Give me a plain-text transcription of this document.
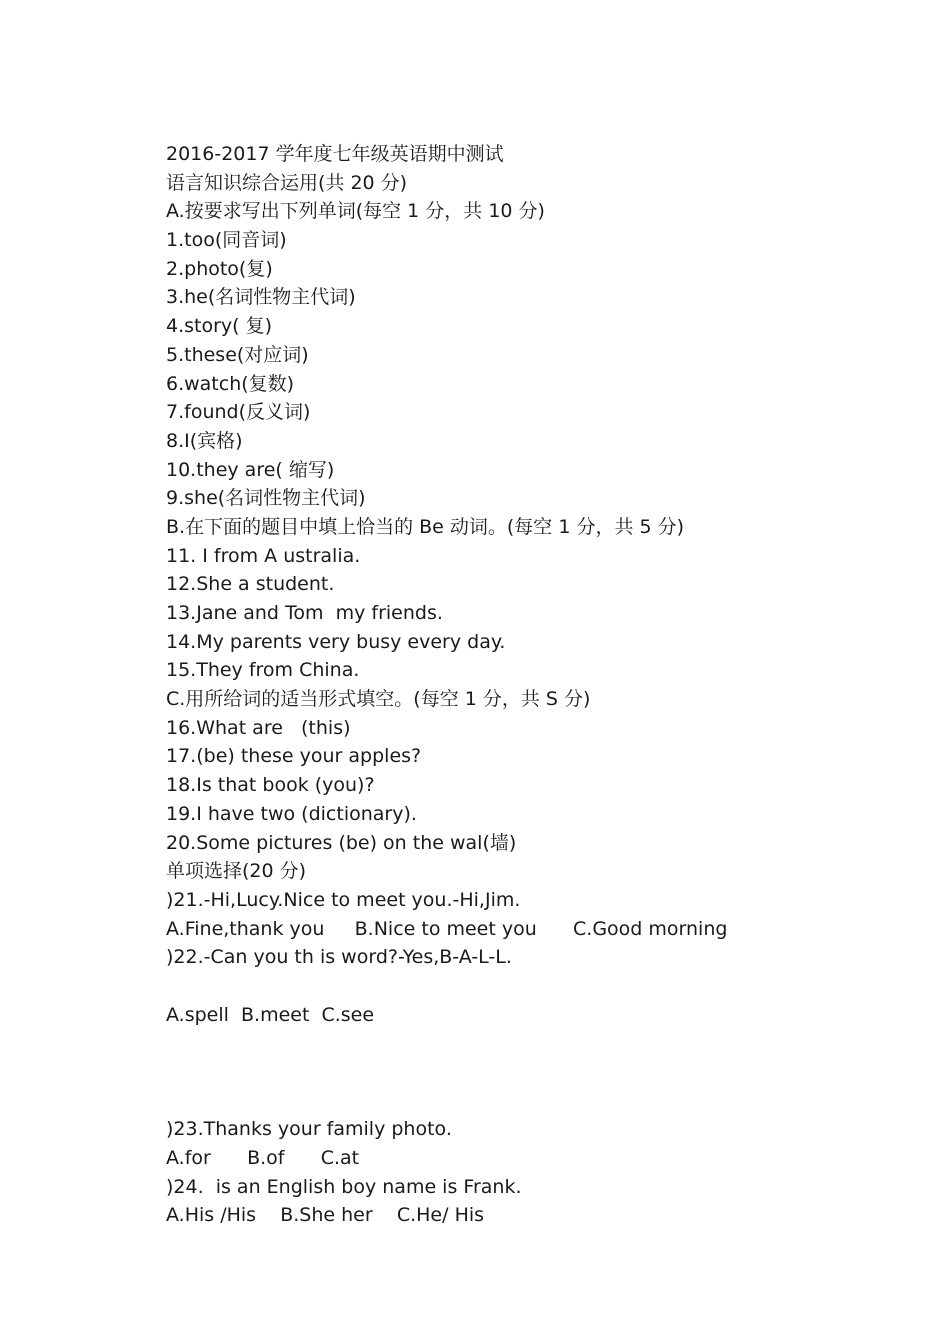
2016-2017 学年度七年级英语期中测试
语言知识综合运用(共 20 分)
A.按要求写出下列单词(每空 1 分，共 10 分)
1.too(同音词)
2.photo(复)
3.he(名词性物主代词)
4.story( 复)
5.these(对应词)
6.watch(复数)
7.found(反义词)
8.I(宾格)
10.they are( 缩写)
9.she(名词性物主代词)
B.在下面的题目中填上恰当的 Be 动词。(每空 1 分，共 5 分)
11. I from A ustralia.
12.She a student.
13.Jane and Tom  my friends.
14.My parents very busy every day.
15.They from China.
C.用所给词的适当形式填空。(每空 1 分，共 S 分)
16.What are   (this)
17.(be) these your apples?
18.Is that book (you)?
19.I have two (dictionary).
20.Some pictures (be) on the wal(墙)
单项选择(20 分)
)21.-Hi,Lucy.Nice to meet you.-Hi,Jim.
A.Fine,thank you     B.Nice to meet you      C.Good morning
)22.-Can you th is word?-Yes,B-A-L-L.
A.spell  B.meet  C.see
)23.Thanks your family photo.
A.for      B.of      C.at
)24.  is an English boy name is Frank.
A.His /His    B.She her    C.He/ His
